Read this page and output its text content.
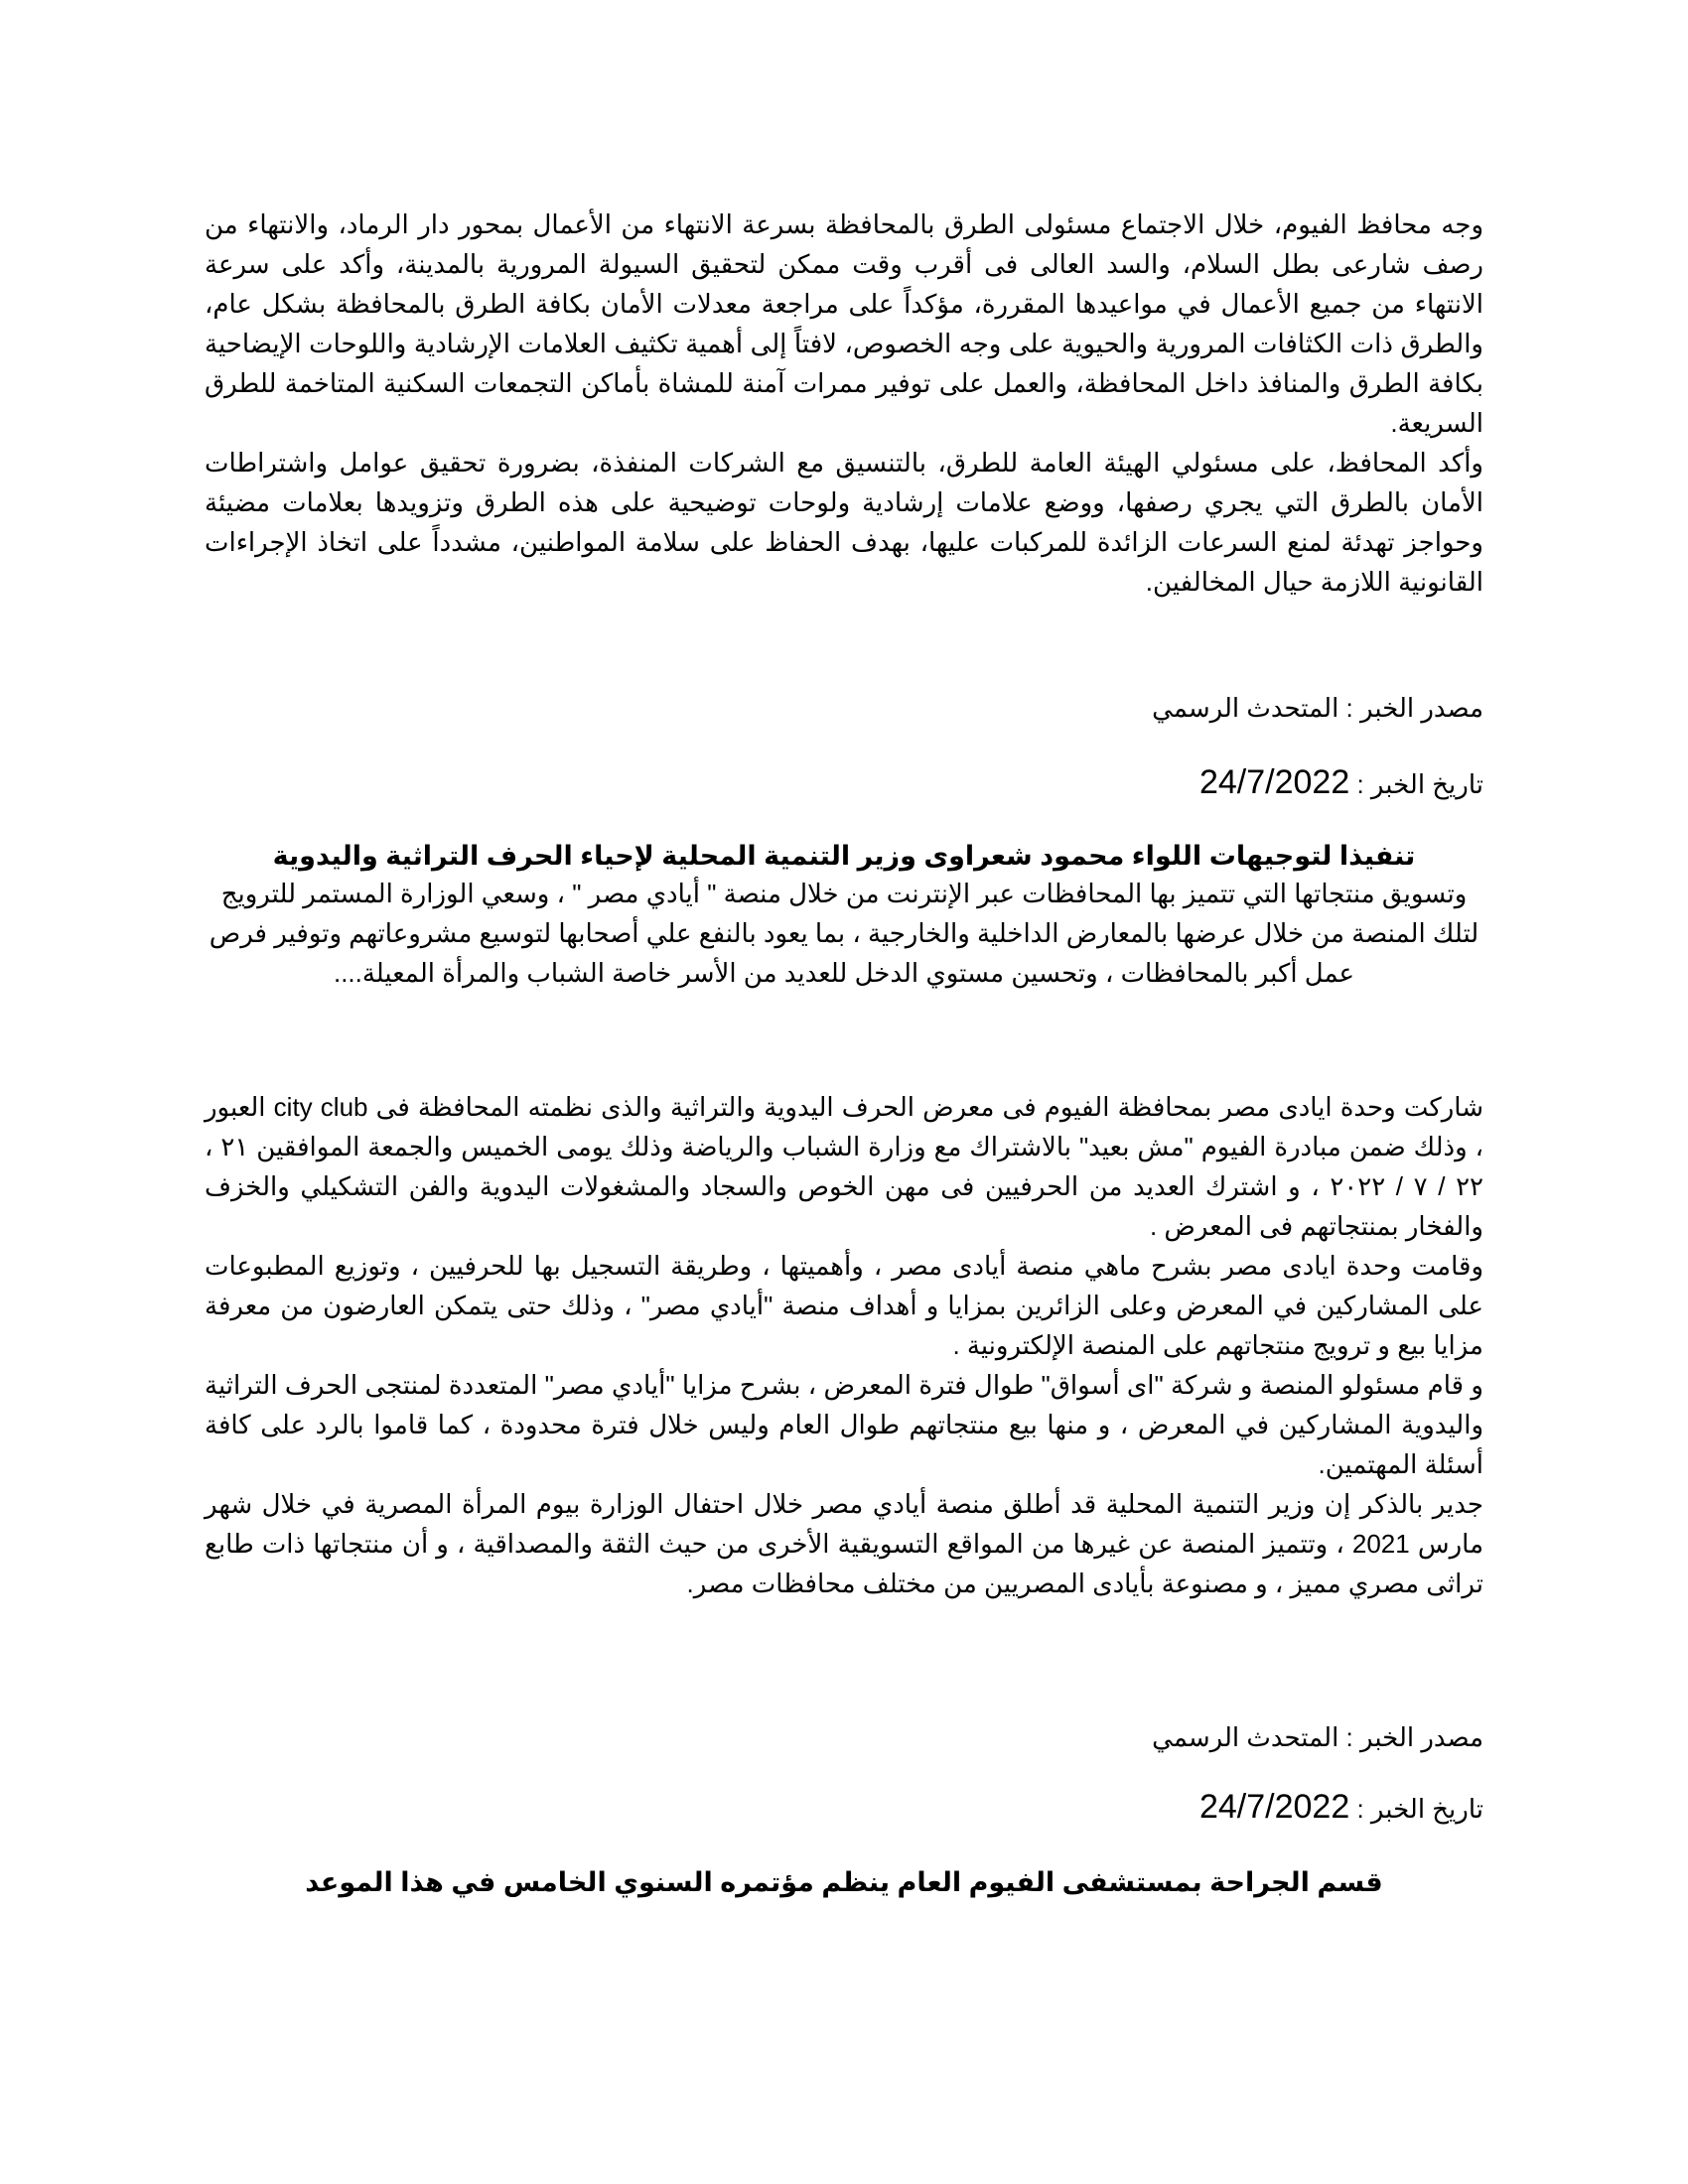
وجه محافظ الفيوم، خلال الاجتماع مسئولى الطرق بالمحافظة بسرعة الانتهاء من الأعمال بمحور دار الرماد، والانتهاء من رصف شارعى بطل السلام، والسد العالى فى أقرب وقت ممكن لتحقيق السيولة المرورية بالمدينة، وأكد على سرعة الانتهاء من جميع الأعمال في مواعيدها المقررة، مؤكداً على مراجعة معدلات الأمان بكافة الطرق بالمحافظة بشكل عام، والطرق ذات الكثافات المرورية والحيوية على وجه الخصوص، لافتاً إلى أهمية تكثيف العلامات الإرشادية واللوحات الإيضاحية بكافة الطرق والمنافذ داخل المحافظة، والعمل على توفير ممرات آمنة للمشاة بأماكن التجمعات السكنية المتاخمة للطرق السريعة.

وأكد المحافظ، على مسئولي الهيئة العامة للطرق، بالتنسيق مع الشركات المنفذة، بضرورة تحقيق عوامل واشتراطات الأمان بالطرق التي يجري رصفها، ووضع علامات إرشادية ولوحات توضيحية على هذه الطرق وتزويدها بعلامات مضيئة وحواجز تهدئة لمنع السرعات الزائدة للمركبات عليها، بهدف الحفاظ على سلامة المواطنين، مشدداً على اتخاذ الإجراءات القانونية اللازمة حيال المخالفين.

مصدر الخبر : المتحدث الرسمي

تاريخ الخبر : 24/7/2022

تنفيذا لتوجيهات اللواء محمود شعراوى وزير التنمية المحلية لإحياء الحرف التراثية واليدوية

وتسويق منتجاتها التي تتميز بها المحافظات عبر الإنترنت من خلال منصة " أيادي مصر " ، وسعي الوزارة المستمر للترويج لتلك المنصة من خلال عرضها بالمعارض الداخلية والخارجية ، بما يعود بالنفع علي أصحابها لتوسيع مشروعاتهم وتوفير فرص عمل أكبر بالمحافظات ، وتحسين مستوي الدخل للعديد من الأسر خاصة الشباب والمرأة المعيلة....

شاركت وحدة ايادى مصر بمحافظة الفيوم فى معرض الحرف اليدوية والتراثية والذى نظمته المحافظة فى city club العبور ، وذلك ضمن مبادرة الفيوم "مش بعيد" بالاشتراك مع وزارة الشباب والرياضة وذلك يومى الخميس والجمعة الموافقين ٢١ ، ٢٢ / ٧ / ٢٠٢٢ ، و اشترك العديد من الحرفيين فى مهن الخوص والسجاد والمشغولات اليدوية والفن التشكيلي والخزف والفخار بمنتجاتهم فى المعرض .

وقامت وحدة ايادى مصر بشرح ماهي منصة أيادى مصر ، وأهميتها ، وطريقة التسجيل بها للحرفيين ، وتوزيع المطبوعات على المشاركين في المعرض وعلى الزائرين بمزايا و أهداف منصة "أيادي مصر" ، وذلك حتى يتمكن العارضون من معرفة مزايا بيع و ترويج منتجاتهم على المنصة الإلكترونية .

و قام مسئولو المنصة و شركة "اى أسواق" طوال فترة المعرض ، بشرح مزايا "أيادي مصر" المتعددة لمنتجى الحرف التراثية واليدوية المشاركين في المعرض ، و منها بيع منتجاتهم طوال العام وليس خلال فترة محدودة ، كما قاموا بالرد على كافة أسئلة المهتمين.

جدير بالذكر إن وزير التنمية المحلية قد أطلق منصة أيادي مصر خلال احتفال الوزارة بيوم المرأة المصرية في خلال شهر مارس 2021 ، وتتميز المنصة عن غيرها من المواقع التسويقية الأخرى من حيث الثقة والمصداقية ، و أن منتجاتها ذات طابع تراثى مصري مميز ، و مصنوعة بأيادى المصريين من مختلف محافظات مصر.

مصدر الخبر : المتحدث الرسمي

تاريخ الخبر : 24/7/2022

قسم الجراحة بمستشفى الفيوم العام ينظم مؤتمره السنوي الخامس في هذا الموعد
